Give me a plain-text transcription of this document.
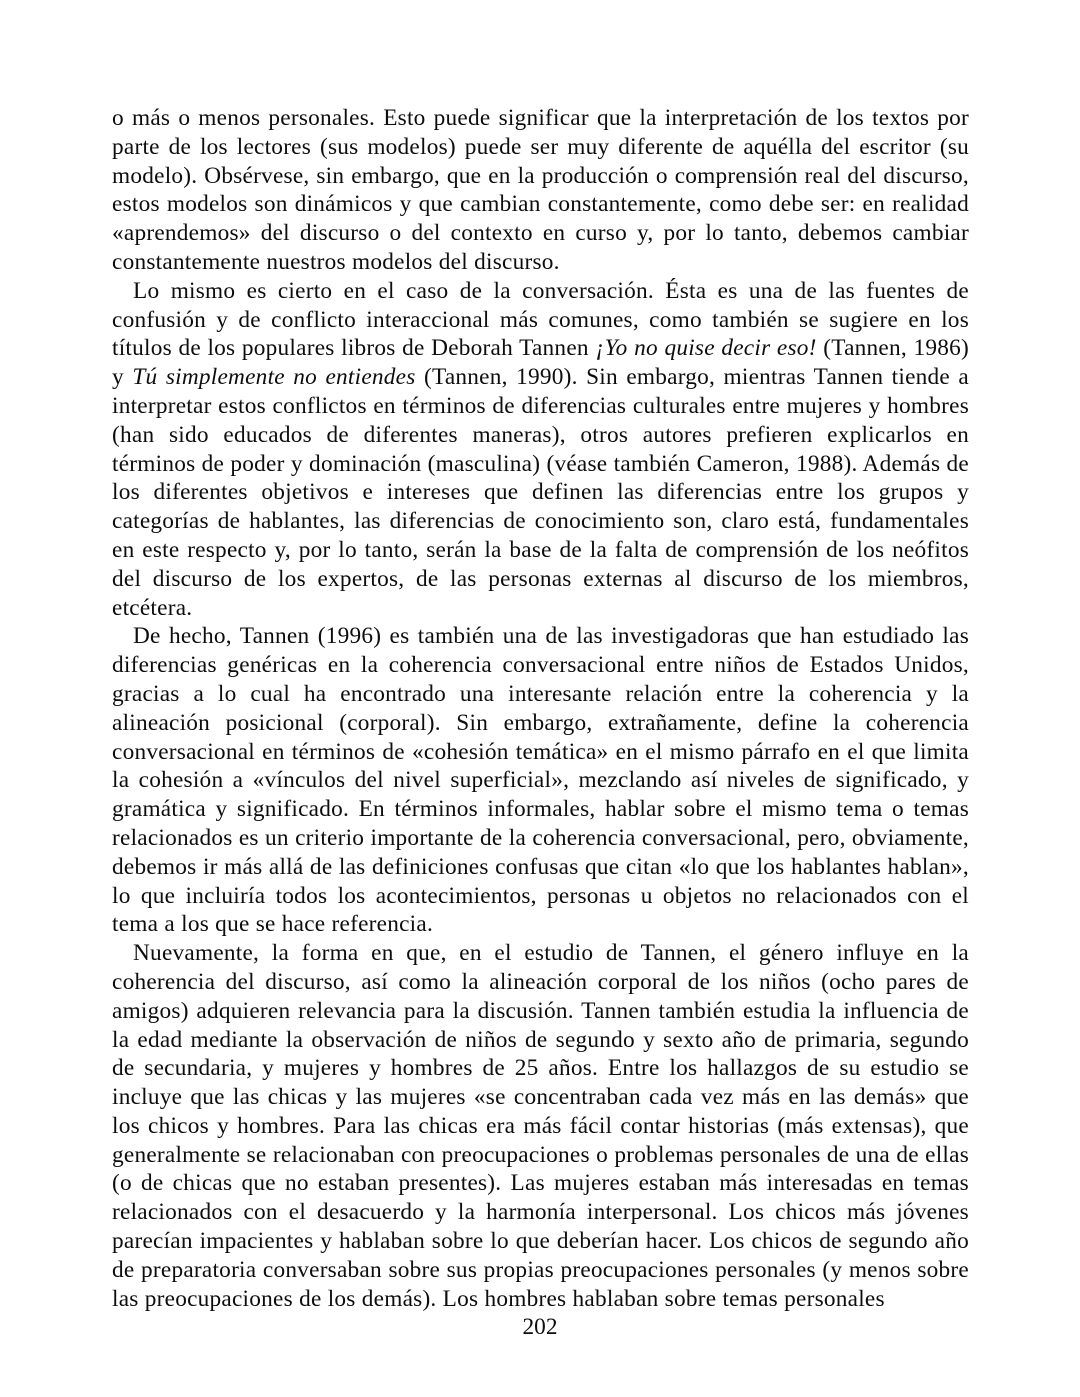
o más o menos personales. Esto puede significar que la interpretación de los textos por parte de los lectores (sus modelos) puede ser muy diferente de aquélla del escritor (su modelo). Obsérvese, sin embargo, que en la producción o comprensión real del discurso, estos modelos son dinámicos y que cambian constantemente, como debe ser: en realidad «aprendemos» del discurso o del contexto en curso y, por lo tanto, debemos cambiar constantemente nuestros modelos del discurso.

Lo mismo es cierto en el caso de la conversación. Ésta es una de las fuentes de confusión y de conflicto interaccional más comunes, como también se sugiere en los títulos de los populares libros de Deborah Tannen ¡Yo no quise decir eso! (Tannen, 1986) y Tú simplemente no entiendes (Tannen, 1990). Sin embargo, mientras Tannen tiende a interpretar estos conflictos en términos de diferencias culturales entre mujeres y hombres (han sido educados de diferentes maneras), otros autores prefieren explicarlos en términos de poder y dominación (masculina) (véase también Cameron, 1988). Además de los diferentes objetivos e intereses que definen las diferencias entre los grupos y categorías de hablantes, las diferencias de conocimiento son, claro está, fundamentales en este respecto y, por lo tanto, serán la base de la falta de comprensión de los neófitos del discurso de los expertos, de las personas externas al discurso de los miembros, etcétera.

De hecho, Tannen (1996) es también una de las investigadoras que han estudiado las diferencias genéricas en la coherencia conversacional entre niños de Estados Unidos, gracias a lo cual ha encontrado una interesante relación entre la coherencia y la alineación posicional (corporal). Sin embargo, extrañamente, define la coherencia conversacional en términos de «cohesión temática» en el mismo párrafo en el que limita la cohesión a «vínculos del nivel superficial», mezclando así niveles de significado, y gramática y significado. En términos informales, hablar sobre el mismo tema o temas relacionados es un criterio importante de la coherencia conversacional, pero, obviamente, debemos ir más allá de las definiciones confusas que citan «lo que los hablantes hablan», lo que incluiría todos los acontecimientos, personas u objetos no relacionados con el tema a los que se hace referencia.

Nuevamente, la forma en que, en el estudio de Tannen, el género influye en la coherencia del discurso, así como la alineación corporal de los niños (ocho pares de amigos) adquieren relevancia para la discusión. Tannen también estudia la influencia de la edad mediante la observación de niños de segundo y sexto año de primaria, segundo de secundaria, y mujeres y hombres de 25 años. Entre los hallazgos de su estudio se incluye que las chicas y las mujeres «se concentraban cada vez más en las demás» que los chicos y hombres. Para las chicas era más fácil contar historias (más extensas), que generalmente se relacionaban con preocupaciones o problemas personales de una de ellas (o de chicas que no estaban presentes). Las mujeres estaban más interesadas en temas relacionados con el desacuerdo y la harmonía interpersonal. Los chicos más jóvenes parecían impacientes y hablaban sobre lo que deberían hacer. Los chicos de segundo año de preparatoria conversaban sobre sus propias preocupaciones personales (y menos sobre las preocupaciones de los demás). Los hombres hablaban sobre temas personales

202
